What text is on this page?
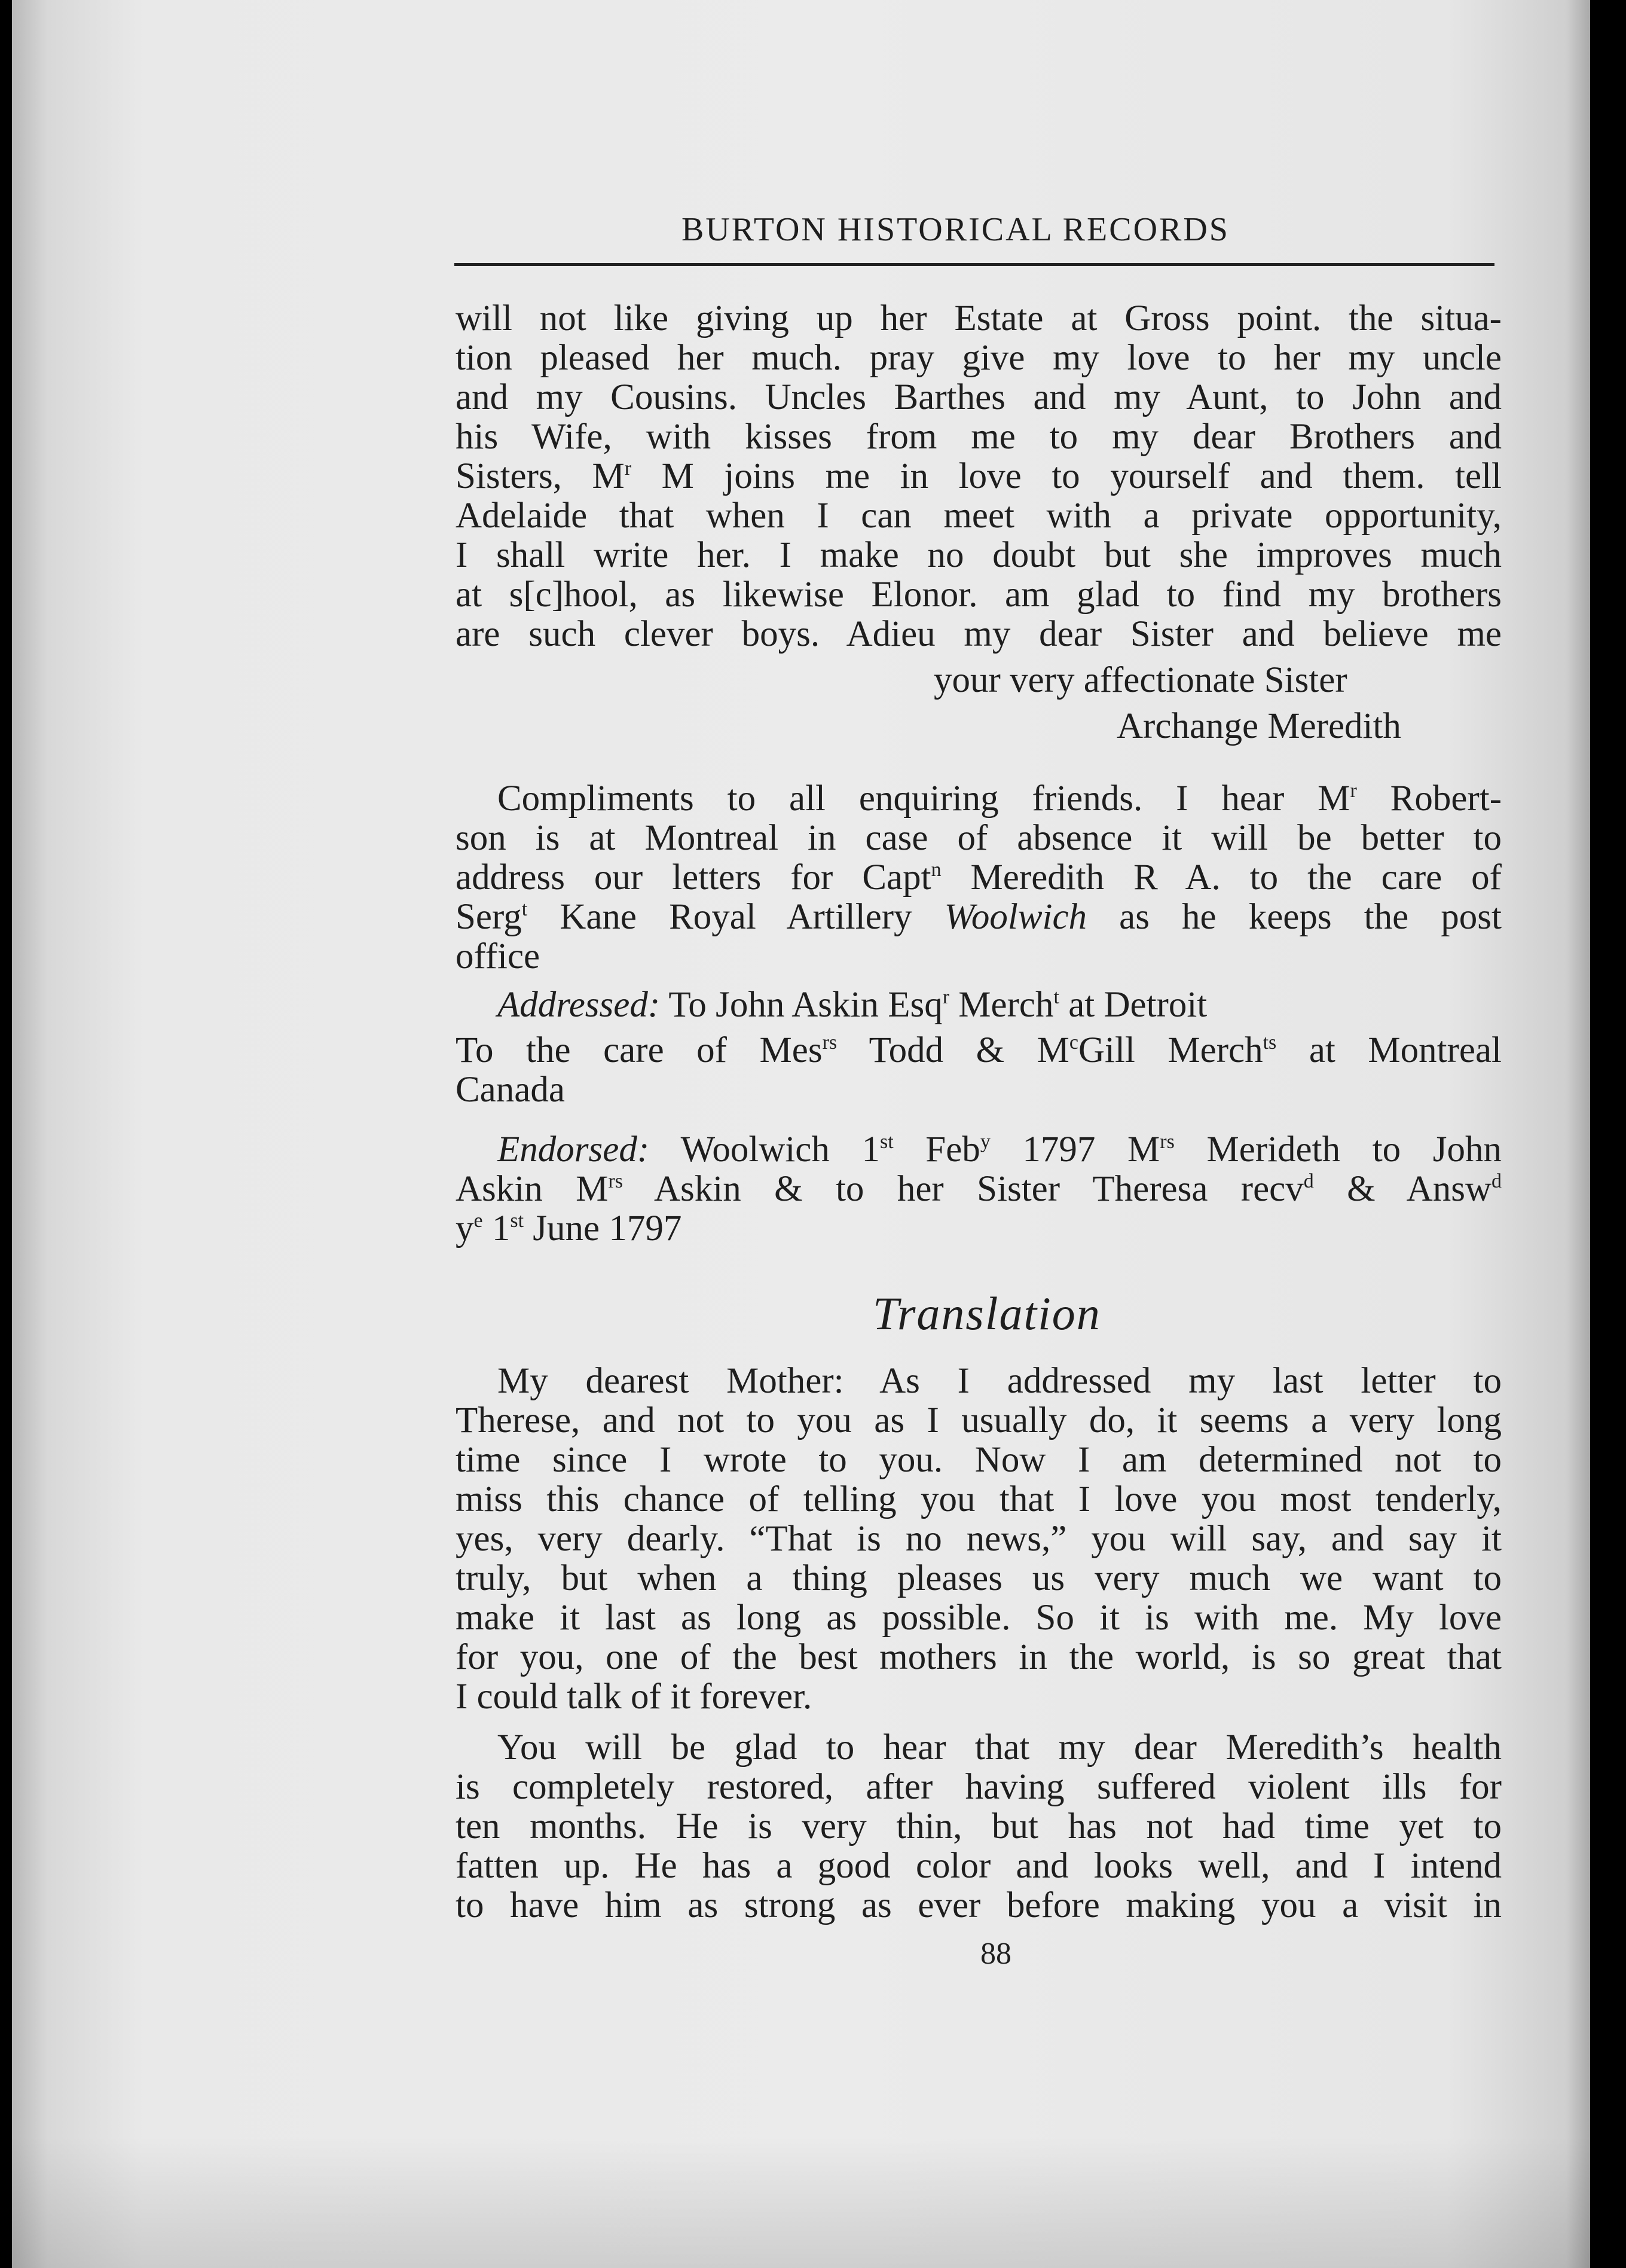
BURTON HISTORICAL RECORDS
will not like giving up her Estate at Gross point. the situa-
tion pleased her much. pray give my love to her my uncle
and my Cousins. Uncles Barthes and my Aunt, to John and
his Wife, with kisses from me to my dear Brothers and
Sisters, $M^r$ M joins me in love to yourself and them. tell
Adelaide that when I can meet with a private opportunity,
I shall write her. I make no doubt but she improves much
at s[c]hool, as likewise Elonor. am glad to find my brothers
are such clever boys. Adieu my dear Sister and believe me
your very affectionate Sister
Archange Meredith
Compliments to all enquiring friends. I hear $M^r$ Robert-
son is at Montreal in case of absence it will be better to
address our letters for Capt$^n$ Meredith R A. to the care of
Serg$^t$ Kane Royal Artillery Woolwich as he keeps the post
office
Addressed: To John Askin Esq$^r$ Merch$^t$ at Detroit
To the care of Mes$^{rs}$ Todd & $M^cGill$ Merch$^{ts}$ at Montreal
Canada
Endorsed: Woolwich 1st Feb$^y$ 1797 $M^{rs}$ Merideth to John
Askin $M^{rs}$ Askin & to her Sister Theresa recv$^d$ & Answ$^d$
$y^e$ 1st June 1797
Translation
My dearest Mother: As I addressed my last letter to
Therese, and not to you as I usually do, it seems a very long
time since I wrote to you. Now I am determined not to
miss this chance of telling you that I love you most tenderly,
yes, very dearly. “That is no news,” you will say, and say it
truly, but when a thing pleases us very much we want to
make it last as long as possible. So it is with me. My love
for you, one of the best mothers in the world, is so great that
I could talk of it forever.
You will be glad to hear that my dear Meredith’s health
is completely restored, after having suffered violent ills for
ten months. He is very thin, but has not had time yet to
fatten up. He has a good color and looks well, and I intend
to have him as strong as ever before making you a visit in
88
